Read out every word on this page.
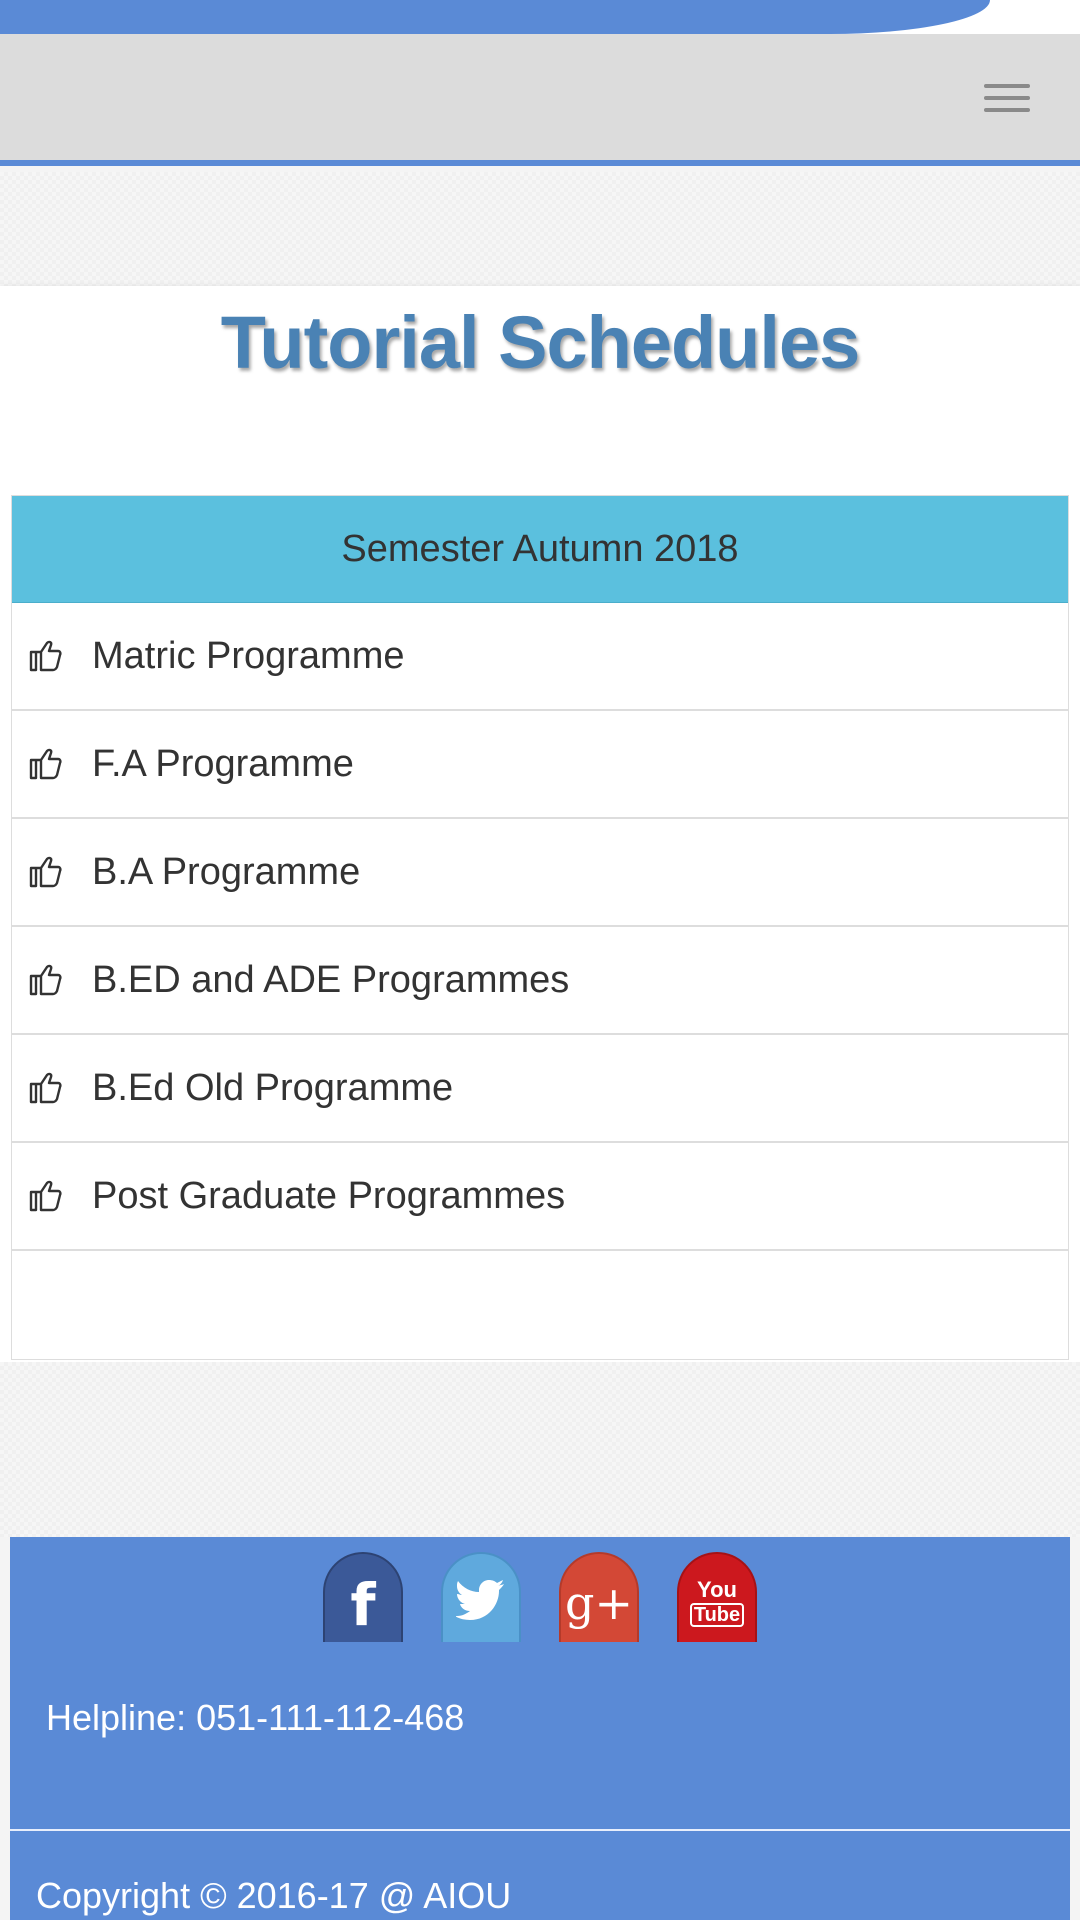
Tutorial Schedules
Semester Autumn 2018
Matric Programme
F.A Programme
B.A Programme
B.ED and ADE Programmes
B.Ed Old Programme
Post Graduate Programmes
f	g+	You
Tube
Helpline: 051-111-112-468
Copyright © 2016-17 @ AIOU
